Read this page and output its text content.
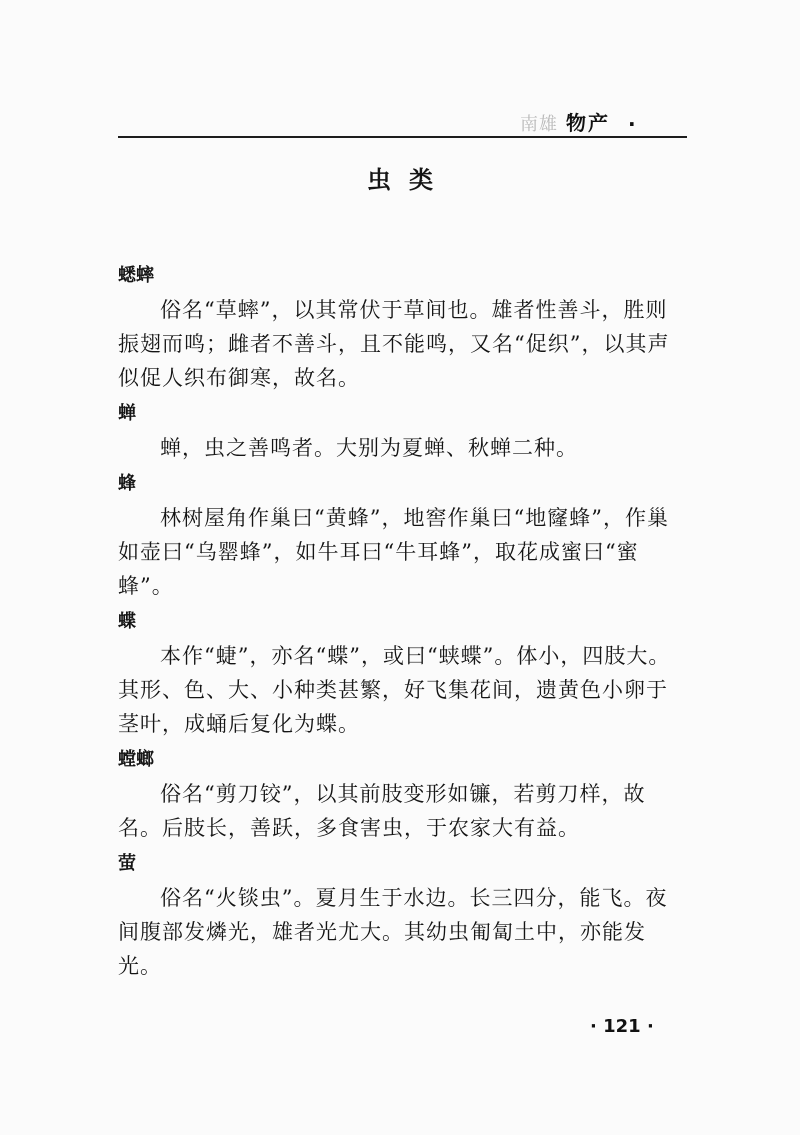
南雄 物产 ·
虫类
蟋蟀

俗名“草蟀”，以其常伏于草间也。雄者性善斗，胜则振翅而鸣；雌者不善斗，且不能鸣，又名“促织”，以其声似促人织布御寒，故名。

蝉

蝉，虫之善鸣者。大别为夏蝉、秋蝉二种。

蜂

林树屋角作巢曰“黄蜂”，地窖作巢曰“地窿蜂”，作巢如壶曰“乌罂蜂”，如牛耳曰“牛耳蜂”，取花成蜜曰“蜜蜂”。

蝶

本作“蜨”，亦名“蝶”，或曰“蛱蝶”。体小，四肢大。其形、色、大、小种类甚繁，好飞集花间，遗黄色小卵于茎叶，成蛹后复化为蝶。

螳螂

俗名“剪刀铰”，以其前肢变形如镰，若剪刀样，故名。后肢长，善跃，多食害虫，于农家大有益。

萤

俗名“火锬虫”。夏月生于水边。长三四分，能飞。夜间腹部发燐光，雄者光尤大。其幼虫匍匐土中，亦能发光。

· 121 ·
